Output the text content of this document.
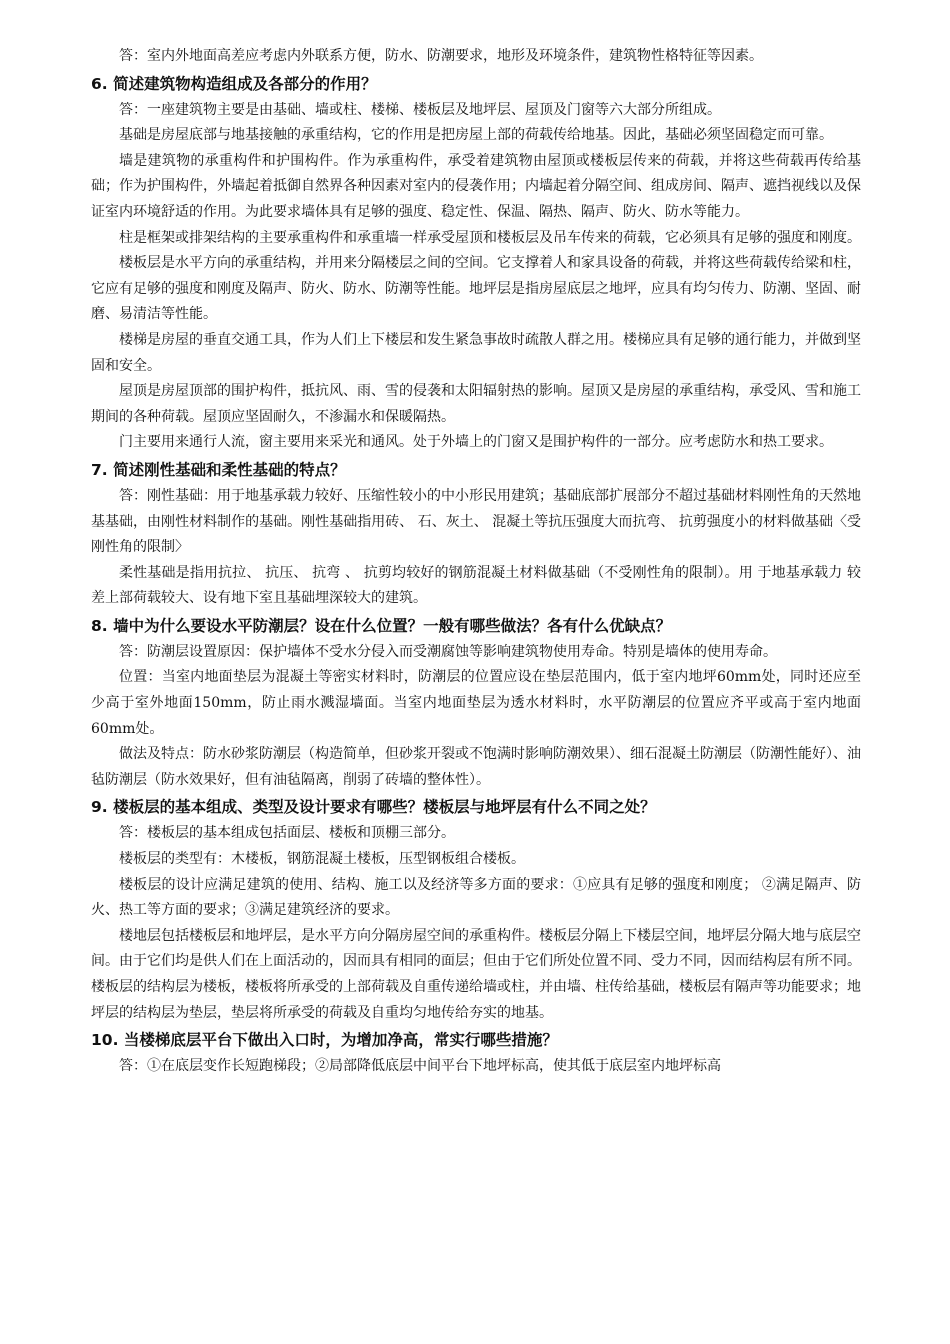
答：室内外地面高差应考虑内外联系方便，防水、防潮要求，地形及环境条件，建筑物性格特征等因素。

6. 简述建筑物构造组成及各部分的作用？

答：一座建筑物主要是由基础、墙或柱、楼梯、楼板层及地坪层、屋顶及门窗等六大部分所组成。

基础是房屋底部与地基接触的承重结构，它的作用是把房屋上部的荷载传给地基。因此，基础必须坚固稳定而可靠。

墙是建筑物的承重构件和护围构件。作为承重构件，承受着建筑物由屋顶或楼板层传来的荷载，并将这些荷载再传给基础；作为护围构件，外墙起着抵御自然界各种因素对室内的侵袭作用；内墙起着分隔空间、组成房间、隔声、遮挡视线以及保证室内环境舒适的作用。为此要求墙体具有足够的强度、稳定性、保温、隔热、隔声、防火、防水等能力。

柱是框架或排架结构的主要承重构件和承重墙一样承受屋顶和楼板层及吊车传来的荷载，它必须具有足够的强度和刚度。

楼板层是水平方向的承重结构，并用来分隔楼层之间的空间。它支撑着人和家具设备的荷载，并将这些荷载传给梁和柱，它应有足够的强度和刚度及隔声、防火、防水、防潮等性能。地坪层是指房屋底层之地坪，应具有均匀传力、防潮、坚固、耐磨、易清洁等性能。

楼梯是房屋的垂直交通工具，作为人们上下楼层和发生紧急事故时疏散人群之用。楼梯应具有足够的通行能力，并做到坚固和安全。

屋顶是房屋顶部的围护构件，抵抗风、雨、雪的侵袭和太阳辐射热的影响。屋顶又是房屋的承重结构，承受风、雪和施工期间的各种荷载。屋顶应坚固耐久，不渗漏水和保暖隔热。

门主要用来通行人流，窗主要用来采光和通风。处于外墙上的门窗又是围护构件的一部分。应考虑防水和热工要求。

7. 简述刚性基础和柔性基础的特点？

答：刚性基础：用于地基承载力较好、压缩性较小的中小形民用建筑；基础底部扩展部分不超过基础材料刚性角的天然地基基础，由刚性材料制作的基础。刚性基础指用砖、 石、灰土、 混凝土等抗压强度大而抗弯、 抗剪强度小的材料做基础〈受刚性角的限制〉

柔性基础是指用抗拉、 抗压、 抗弯 、 抗剪均较好的钢筋混凝土材料做基础（不受刚性角的限制）。用 于地基承载力 较差上部荷载较大、设有地下室且基础埋深较大的建筑。

8. 墙中为什么要设水平防潮层？设在什么位置？一般有哪些做法？各有什么优缺点？

答：防潮层设置原因：保护墙体不受水分侵入而受潮腐蚀等影响建筑物使用寿命。特别是墙体的使用寿命。

位置：当室内地面垫层为混凝土等密实材料时，防潮层的位置应设在垫层范围内，低于室内地坪60mm处，同时还应至少高于室外地面150mm，防止雨水溅湿墙面。当室内地面垫层为透水材料时，水平防潮层的位置应齐平或高于室内地面60mm处。

做法及特点：防水砂浆防潮层（构造简单，但砂浆开裂或不饱满时影响防潮效果）、细石混凝土防潮层（防潮性能好）、油毡防潮层（防水效果好，但有油毡隔离，削弱了砖墙的整体性）。

9. 楼板层的基本组成、类型及设计要求有哪些？楼板层与地坪层有什么不同之处？

答：楼板层的基本组成包括面层、楼板和顶棚三部分。

楼板层的类型有：木楼板，钢筋混凝土楼板，压型钢板组合楼板。

楼板层的设计应满足建筑的使用、结构、施工以及经济等多方面的要求：①应具有足够的强度和刚度； ②满足隔声、防火、热工等方面的要求；③满足建筑经济的要求。

楼地层包括楼板层和地坪层，是水平方向分隔房屋空间的承重构件。楼板层分隔上下楼层空间，地坪层分隔大地与底层空间。由于它们均是供人们在上面活动的，因而具有相同的面层；但由于它们所处位置不同、受力不同，因而结构层有所不同。楼板层的结构层为楼板，楼板将所承受的上部荷载及自重传递给墙或柱，并由墙、柱传给基础，楼板层有隔声等功能要求；地坪层的结构层为垫层，垫层将所承受的荷载及自重均匀地传给夯实的地基。

10. 当楼梯底层平台下做出入口时，为增加净高，常实行哪些措施？

答：①在底层变作长短跑梯段；②局部降低底层中间平台下地坪标高，使其低于底层室内地坪标高
